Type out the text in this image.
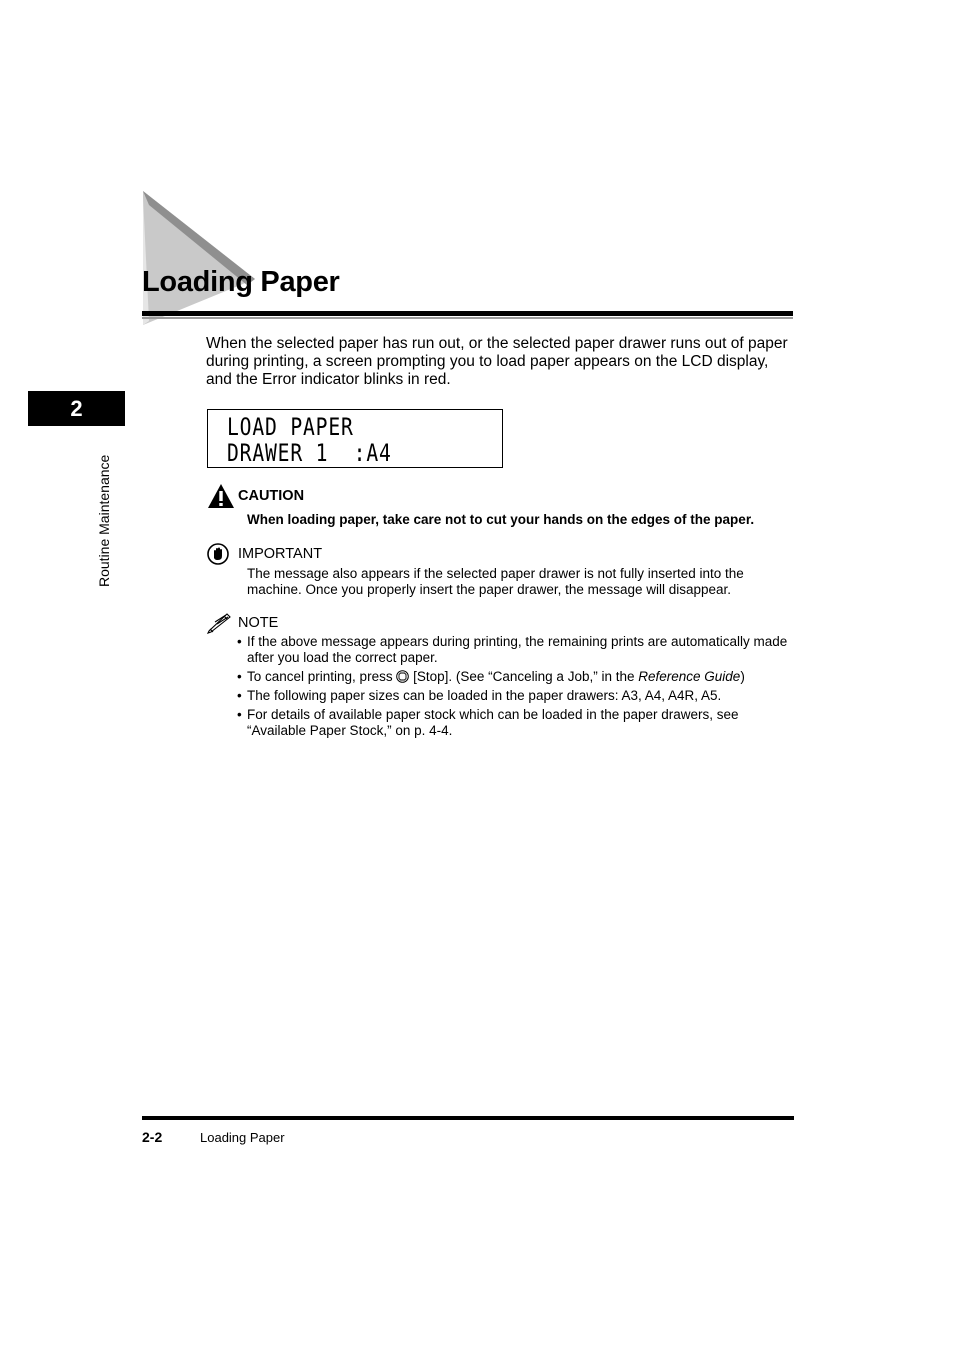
2
Routine Maintenance
Loading Paper

When the selected paper has run out, or the selected paper drawer runs out of paper during printing, a screen prompting you to load paper appears on the LCD display, and the Error indicator blinks in red.

LOAD PAPER
DRAWER 1  :A4
CAUTION
When loading paper, take care not to cut your hands on the edges of the paper.
IMPORTANT

The message also appears if the selected paper drawer is not fully inserted into the machine. Once you properly insert the paper drawer, the message will disappear.

NOTE
• If the above message appears during printing, the remaining prints are automatically made after you load the correct paper.
• To cancel printing, press [Stop]. (See “Canceling a Job,” in the Reference Guide)
• The following paper sizes can be loaded in the paper drawers: A3, A4, A4R, A5.
• For details of available paper stock which can be loaded in the paper drawers, see “Available Paper Stock,” on p. 4-4.
2-2	Loading Paper
